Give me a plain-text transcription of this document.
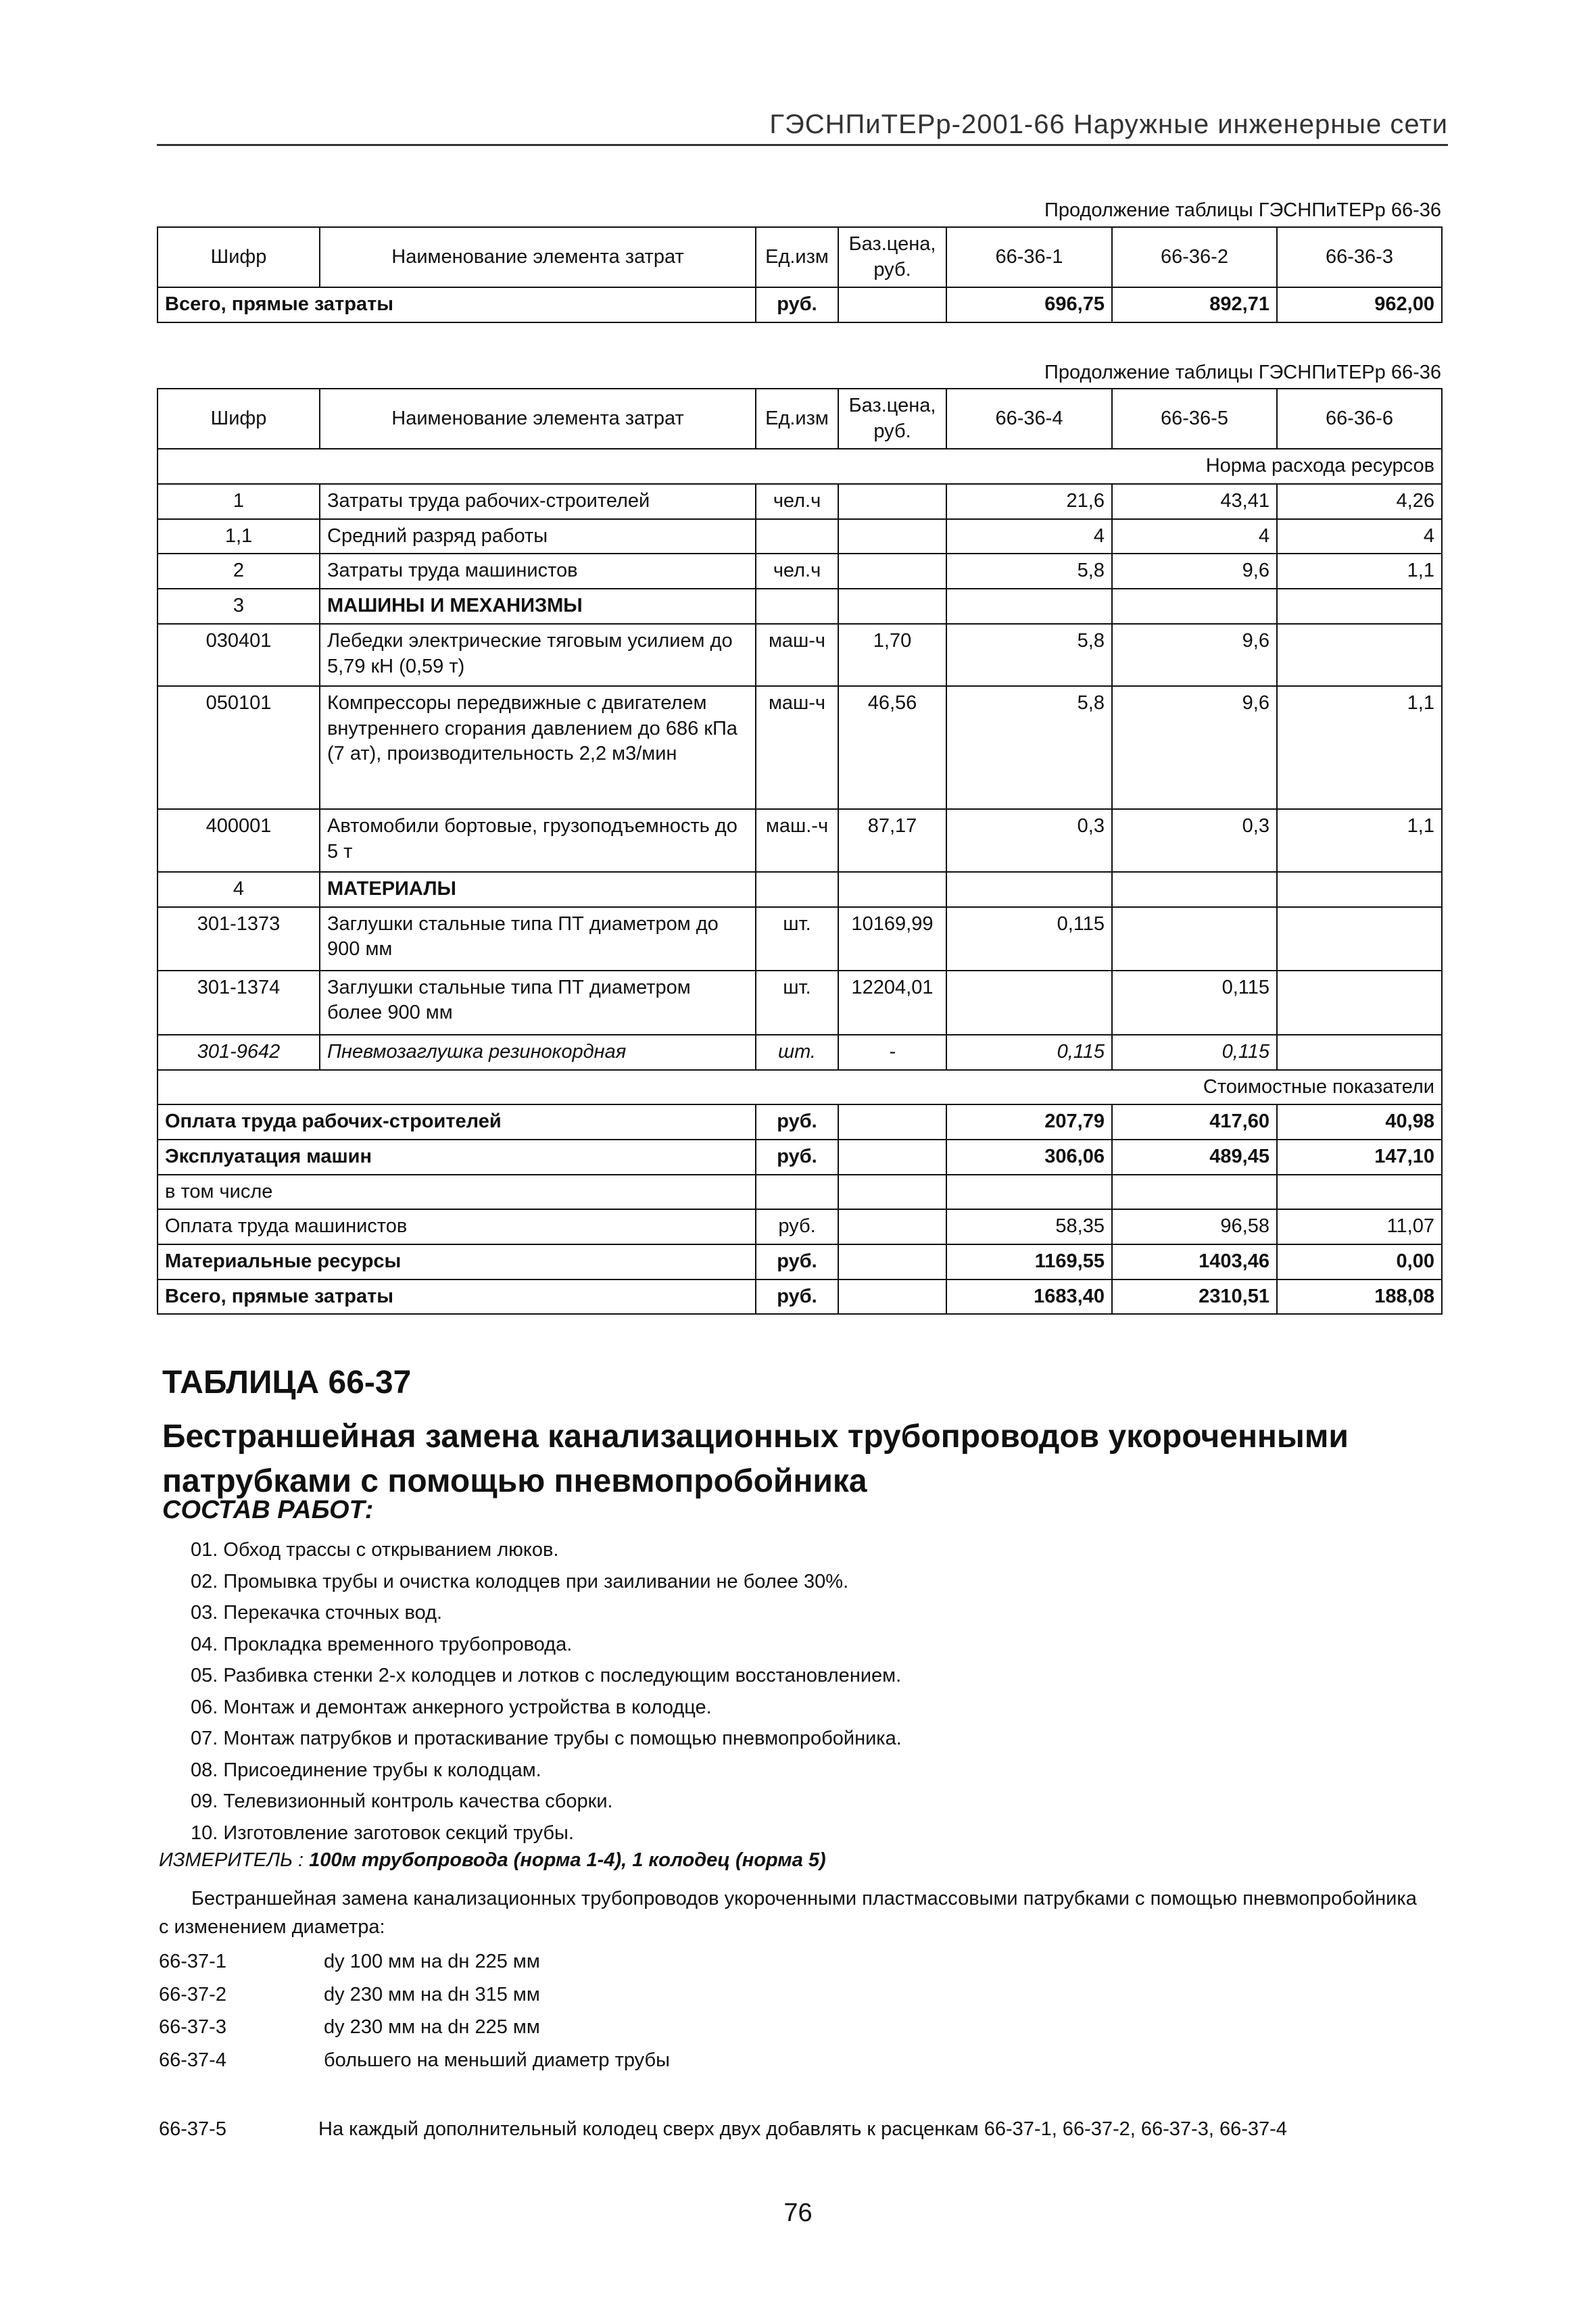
ГЭСНПиТЕРр-2001-66 Наружные инженерные сети
Продолжение таблицы ГЭСНПиТЕРр 66-36
Шифр	Наименование элемента затрат	Ед.изм	Баз.цена, руб.	66-36-1	66-36-2	66-36-3
Всего, прямые затраты		руб.		696,75	892,71	962,00
Продолжение таблицы ГЭСНПиТЕРр 66-36
Шифр	Наименование элемента затрат	Ед.изм	Баз.цена, руб.	66-36-4	66-36-5	66-36-6
Норма расхода ресурсов						
1	Затраты труда рабочих-строителей	чел.ч		21,6	43,41	4,26
1,1	Средний разряд работы			4	4	4
2	Затраты труда машинистов	чел.ч		5,8	9,6	1,1
3	МАШИНЫ И МЕХАНИЗМЫ					
030401	Лебедки электрические тяговым усилием до 5,79 кН (0,59 т)	маш-ч	1,70	5,8	9,6	
050101	Компрессоры передвижные с двигателем внутреннего сгорания давлением до 686 кПа (7 ат), производительность 2,2 м3/мин	маш-ч	46,56	5,8	9,6	1,1
400001	Автомобили бортовые, грузоподъемность до 5 т	маш.-ч	87,17	0,3	0,3	1,1
4	МАТЕРИАЛЫ					
301-1373	Заглушки стальные типа ПТ диаметром до 900 мм	шт.	10169,99	0,115		
301-1374	Заглушки стальные типа ПТ диаметром более 900 мм	шт.	12204,01		0,115	
301-9642	Пневмозаглушка резинокордная	шт.	-	0,115	0,115	
Стоимостные показатели						
Оплата труда рабочих-строителей		руб.		207,79	417,60	40,98
Эксплуатация машин		руб.		306,06	489,45	147,10
в том числе						
Оплата труда машинистов		руб.		58,35	96,58	11,07
Материальные ресурсы		руб.		1169,55	1403,46	0,00
Всего, прямые затраты		руб.		1683,40	2310,51	188,08
ТАБЛИЦА 66-37
Бестраншейная замена канализационных трубопроводов укороченными патрубками с помощью пневмопробойника
СОСТАВ РАБОТ:
01. Обход трассы с открыванием люков.
02. Промывка трубы и очистка колодцев при заиливании не более 30%.
03. Перекачка сточных вод.
04. Прокладка временного трубопровода.
05. Разбивка стенки 2-х колодцев и лотков с последующим восстановлением.
06. Монтаж и демонтаж анкерного устройства в колодце.
07. Монтаж патрубков и протаскивание трубы с помощью пневмопробойника.
08. Присоединение трубы к колодцам.
09. Телевизионный контроль качества сборки.
10. Изготовление заготовок секций трубы.
ИЗМЕРИТЕЛЬ : 100м трубопровода (норма 1-4), 1 колодец (норма 5)
Бестраншейная замена канализационных трубопроводов укороченными пластмассовыми патрубками с помощью пневмопробойника с изменением диаметра:
66-37-1	dy 100 мм на dн 225 мм
66-37-2	dy 230 мм на dн 315 мм
66-37-3	dy 230 мм на dн 225 мм
66-37-4	большего на меньший диаметр трубы
66-37-5	На каждый дополнительный колодец сверх двух добавлять к расценкам 66-37-1, 66-37-2, 66-37-3, 66-37-4
76
